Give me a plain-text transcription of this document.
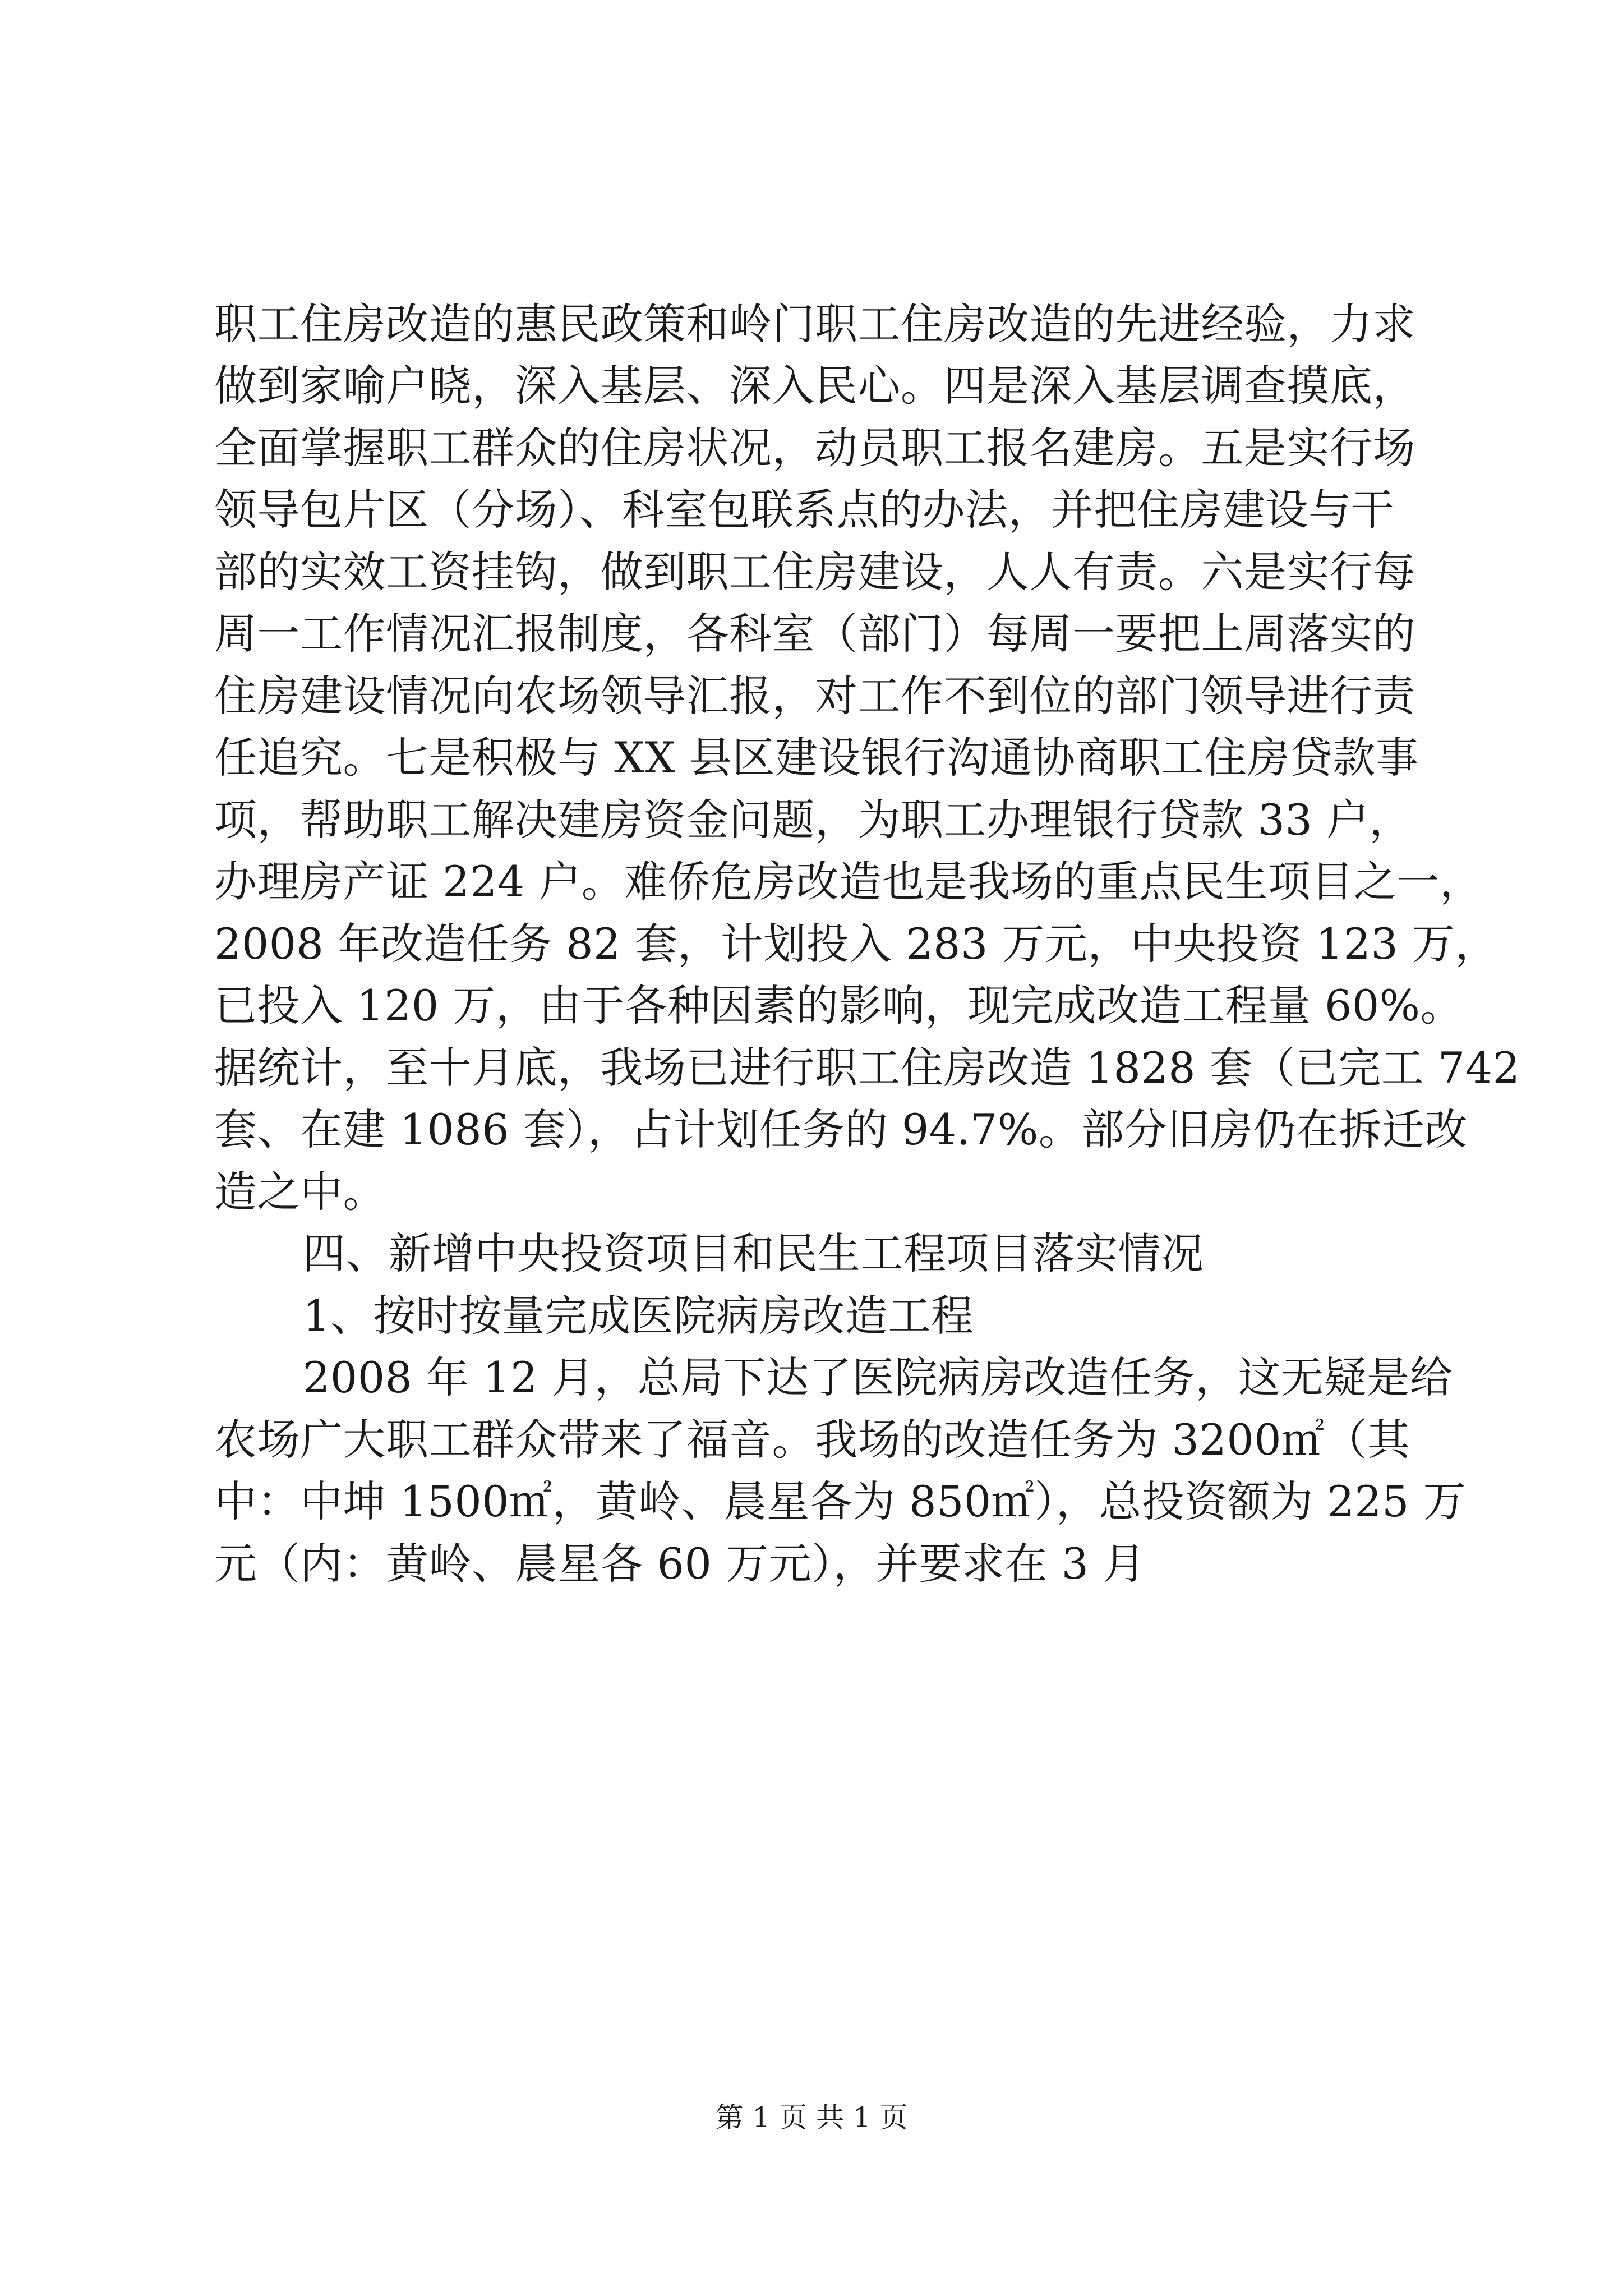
职工住房改造的惠民政策和岭门职工住房改造的先进经验，力求
做到家喻户晓，深入基层、深入民心。四是深入基层调查摸底，
全面掌握职工群众的住房状况，动员职工报名建房。五是实行场
领导包片区（分场）、科室包联系点的办法，并把住房建设与干
部的实效工资挂钩，做到职工住房建设，人人有责。六是实行每
周一工作情况汇报制度，各科室（部门）每周一要把上周落实的
住房建设情况向农场领导汇报，对工作不到位的部门领导进行责
任追究。七是积极与 XX 县区建设银行沟通协商职工住房贷款事
项，帮助职工解决建房资金问题，为职工办理银行贷款 33 户，
办理房产证 224 户。难侨危房改造也是我场的重点民生项目之一，
2008 年改造任务 82 套，计划投入 283 万元，中央投资 123 万，
已投入 120 万，由于各种因素的影响，现完成改造工程量 60%。
据统计，至十月底，我场已进行职工住房改造 1828 套（已完工 742
套、在建 1086 套），占计划任务的 94.7%。部分旧房仍在拆迁改
造之中。
四、新增中央投资项目和民生工程项目落实情况
1、按时按量完成医院病房改造工程
2008 年 12 月，总局下达了医院病房改造任务，这无疑是给
农场广大职工群众带来了福音。我场的改造任务为 3200㎡（其
中：中坤 1500㎡，黄岭、晨星各为 850㎡），总投资额为 225 万
元（内：黄岭、晨星各 60 万元），并要求在 3 月
第 1 页 共 1 页
